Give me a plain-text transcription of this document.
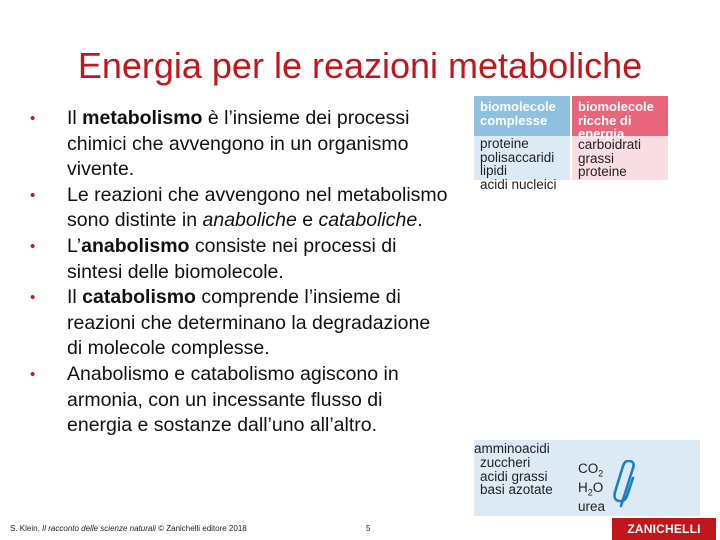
Energia per le reazioni metaboliche
• Il metabolismo è l’insieme dei processi chimici che avvengono in un organismo vivente.
• Le reazioni che avvengono nel metabolismo sono distinte in anaboliche e cataboliche.
• L’anabolismo consiste nei processi di sintesi delle biomolecole.
• Il catabolismo comprende l’insieme di reazioni che determinano la degradazione di molecole complesse.
• Anabolismo e catabolismo agiscono in armonia, con un incessante flusso di energia e sostanze dall’uno all’altro.
biomolecole complesse
proteine
polisaccaridi
lipidi
acidi nucleici
biomolecole ricche di energia
carboidrati
grassi
proteine
amminoacidi
zuccheri
acidi grassi
basi azotate
$CO_2$
$H_2O$
urea
S. Klein, Il racconto delle scienze naturali © Zanichelli editore 2018	5	ZANICHELLI
